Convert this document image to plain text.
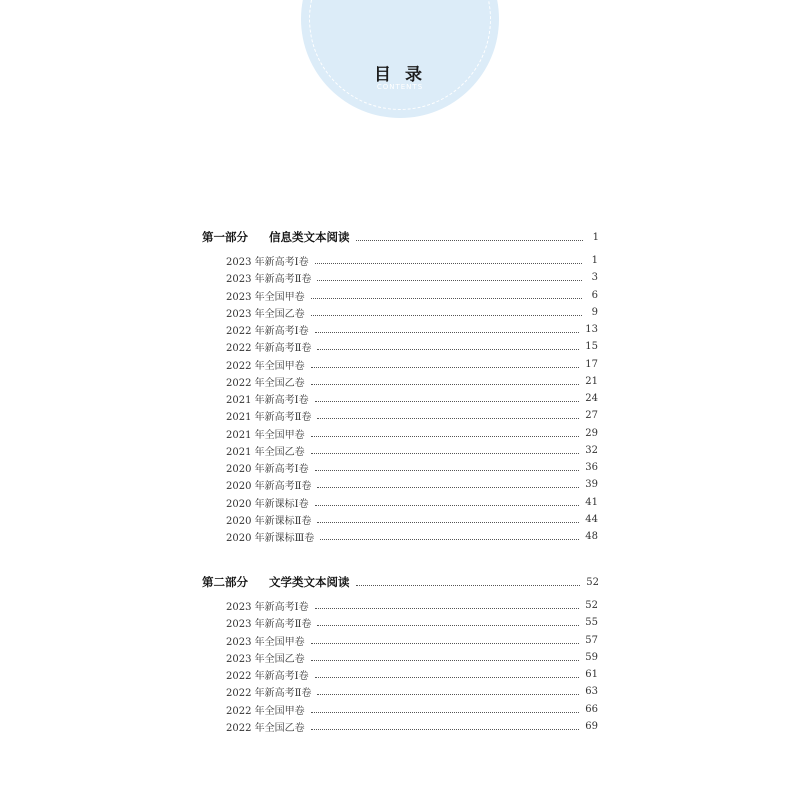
目 录
CONTENTS
第一部分	信息类文本阅读	1
2023 年新高考Ⅰ卷	1
2023 年新高考Ⅱ卷	3
2023 年全国甲卷	6
2023 年全国乙卷	9
2022 年新高考Ⅰ卷	13
2022 年新高考Ⅱ卷	15
2022 年全国甲卷	17
2022 年全国乙卷	21
2021 年新高考Ⅰ卷	24
2021 年新高考Ⅱ卷	27
2021 年全国甲卷	29
2021 年全国乙卷	32
2020 年新高考Ⅰ卷	36
2020 年新高考Ⅱ卷	39
2020 年新课标Ⅰ卷	41
2020 年新课标Ⅱ卷	44
2020 年新课标Ⅲ卷	48
第二部分	文学类文本阅读	52
2023 年新高考Ⅰ卷	52
2023 年新高考Ⅱ卷	55
2023 年全国甲卷	57
2023 年全国乙卷	59
2022 年新高考Ⅰ卷	61
2022 年新高考Ⅱ卷	63
2022 年全国甲卷	66
2022 年全国乙卷	69
